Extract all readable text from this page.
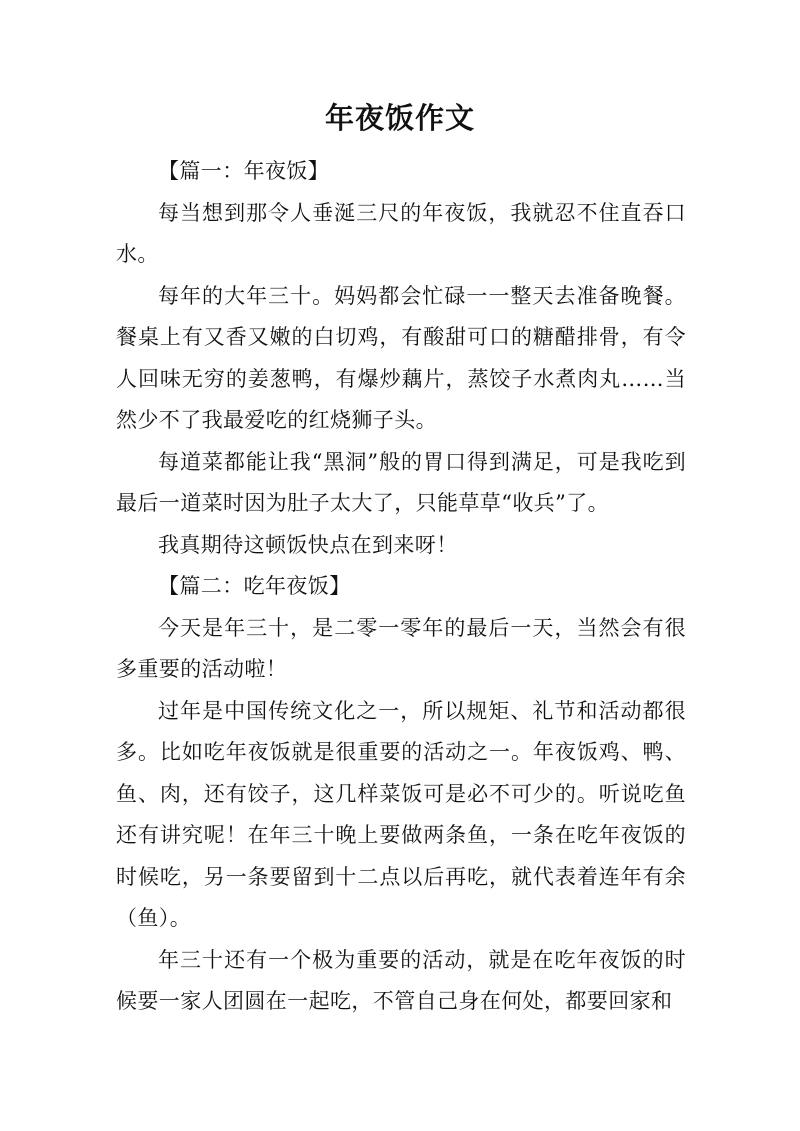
年夜饭作文

【篇一：年夜饭】

每当想到那令人垂涎三尺的年夜饭，我就忍不住直吞口水。

每年的大年三十。妈妈都会忙碌一一整天去准备晚餐。餐桌上有又香又嫩的白切鸡，有酸甜可口的糖醋排骨，有令人回味无穷的姜葱鸭，有爆炒藕片，蒸饺子水煮肉丸……当然少不了我最爱吃的红烧狮子头。

每道菜都能让我“黑洞”般的胃口得到满足，可是我吃到最后一道菜时因为肚子太大了，只能草草“收兵”了。

我真期待这顿饭快点在到来呀！

【篇二：吃年夜饭】

今天是年三十，是二零一零年的最后一天，当然会有很多重要的活动啦！

过年是中国传统文化之一，所以规矩、礼节和活动都很多。比如吃年夜饭就是很重要的活动之一。年夜饭鸡、鸭、鱼、肉，还有饺子，这几样菜饭可是必不可少的。听说吃鱼还有讲究呢！在年三十晚上要做两条鱼，一条在吃年夜饭的时候吃，另一条要留到十二点以后再吃，就代表着连年有余（鱼）。

年三十还有一个极为重要的活动，就是在吃年夜饭的时候要一家人团圆在一起吃，不管自己身在何处，都要回家和
